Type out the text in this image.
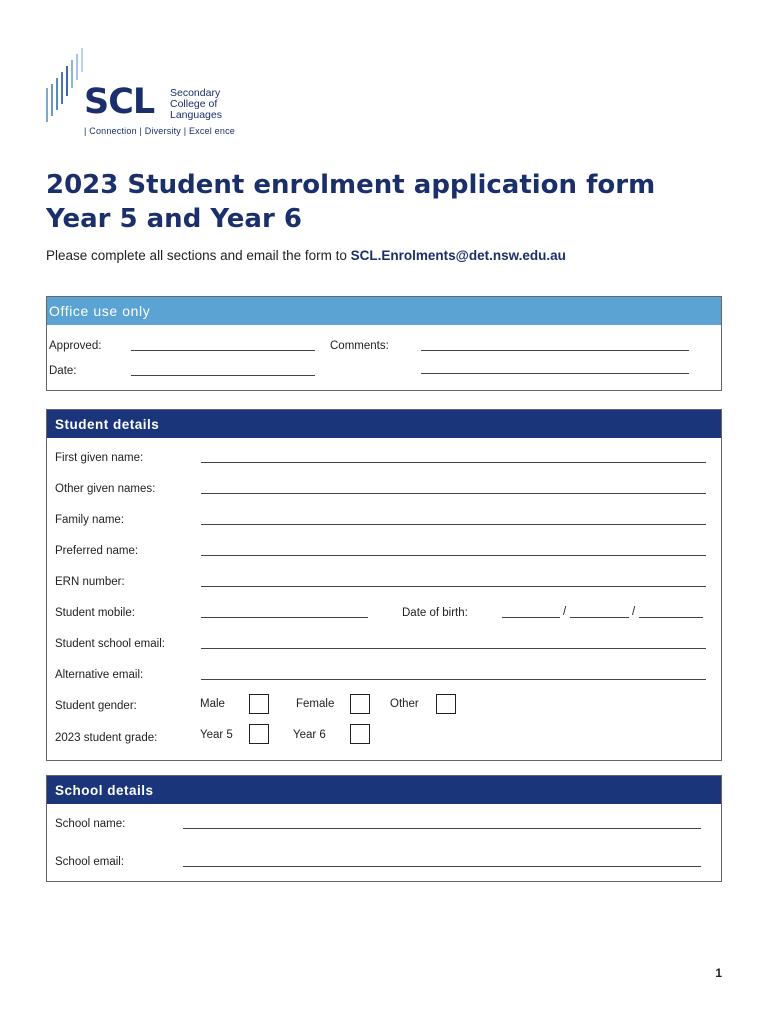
SCL Secondary
College of
Languages
| Connection | Diversity | Excel ence
2023 Student enrolment application form
Year 5 and Year 6
Please complete all sections and email the form to SCL.Enrolments@det.nsw.edu.au
Office use only
Approved:	Comments:
Date:
Student details
First given name:
Other given names:
Family name:
Preferred name:
ERN number:
Student mobile:	Date of birth:	/	/
Student school email:
Alternative email:
Student gender:	Male	Female	Other
2023 student grade:	Year 5	Year 6
School details
School name:
School email:
1
